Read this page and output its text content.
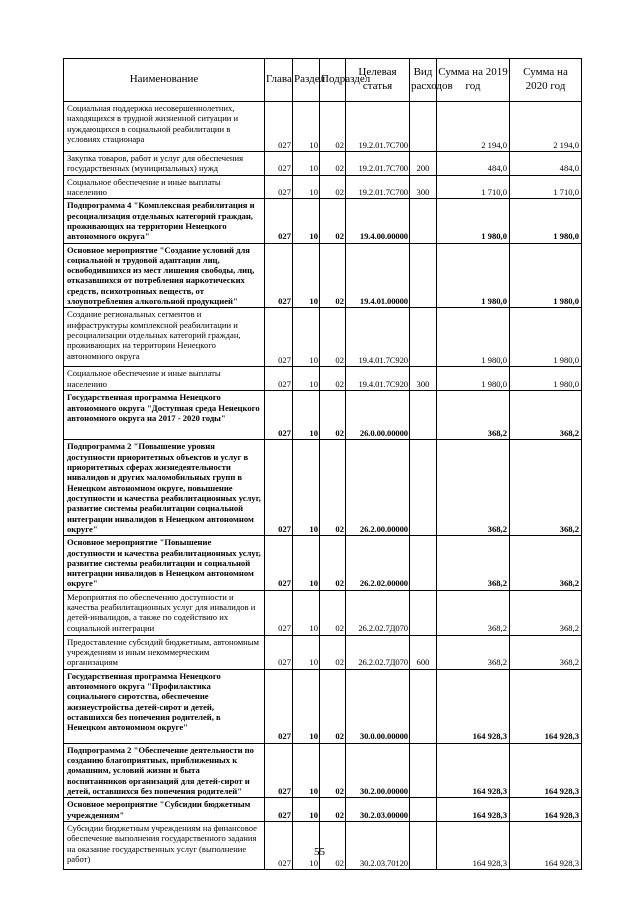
Наименование	Глава	Раздел	Подраздел	Целевая статья	Вид расходов	Сумма на 2019 год	Сумма на 2020 год
Социальная поддержка несовершеннолетних, находящихся в трудной жизненной ситуации и нуждающихся в социальной реабилитации в условиях стационара	027	10	02	19.2.01.7С700		2 194,0	2 194,0
Закупка товаров, работ и услуг для обеспечения государственных (муниципальных) нужд	027	10	02	19.2.01.7С700	200	484,0	484,0
Социальное обеспечение и иные выплаты населению	027	10	02	19.2.01.7С700	300	1 710,0	1 710,0
Подпрограмма 4 "Комплексная реабилитация и ресоциализация отдельных категорий граждан, проживающих на территории Ненецкого автономного округа"	027	10	02	19.4.00.00000		1 980,0	1 980,0
Основное мероприятие "Создание условий для социальной и трудовой адаптации лиц, освободившихся из мест лишения свободы, лиц, отказавшихся от потребления наркотических средств, психотропных веществ, от злоупотребления алкогольной продукцией"	027	10	02	19.4.01.00000		1 980,0	1 980,0
Создание региональных сегментов и инфраструктуры комплексной реабилитации и ресоциализации отдельных категорий граждан, проживающих на территории Ненецкого автономного округа	027	10	02	19.4.01.7С920		1 980,0	1 980,0
Социальное обеспечение и иные выплаты населению	027	10	02	19.4.01.7С920	300	1 980,0	1 980,0
Государственная программа Ненецкого автономного округа "Доступная среда Ненецкого автономного округа на 2017 - 2020 годы"	027	10	02	26.0.00.00000		368,2	368,2
Подпрограмма 2 "Повышение уровня доступности приоритетных объектов и услуг в приоритетных сферах жизнедеятельности инвалидов и других маломобильных групп в Ненецком автономном округе, повышение доступности и качества реабилитационных услуг, развитие системы реабилитации социальной интеграции инвалидов в Ненецком автономном округе"	027	10	02	26.2.00.00000		368,2	368,2
Основное мероприятие "Повышение доступности и качества реабилитационных услуг, развитие системы реабилитации и социальной интеграции инвалидов в Ненецком автономном округе"	027	10	02	26.2.02.00000		368,2	368,2
Мероприятия по обеспечению доступности и качества реабилитационных услуг для инвалидов и детей-инвалидов, а также по содействию их социальной интеграции	027	10	02	26.2.02.7Д070		368,2	368,2
Предоставление субсидий бюджетным, автономным учреждениям и иным некоммерческим организациям	027	10	02	26.2.02.7Д070	600	368,2	368,2
Государственная программа Ненецкого автономного округа "Профилактика социального сиротства, обеспечение жизнеустройства детей-сирот и детей, оставшихся без попечения родителей, в Ненецком автономном округе"	027	10	02	30.0.00.00000		164 928,3	164 928,3
Подпрограмма 2 "Обеспечение деятельности по созданию благоприятных, приближенных к домашним, условий жизни и быта воспитанников организаций для детей-сирот и детей, оставшихся без попечения родителей"	027	10	02	30.2.00.00000		164 928,3	164 928,3
Основное мероприятие "Субсидии бюджетным учреждениям"	027	10	02	30.2.03.00000		164 928,3	164 928,3
Субсидии бюджетным учреждениям на финансовое обеспечение выполнения государственного задания на оказание государственных услуг (выполнение работ)	027	10	02	30.2.03.70120		164 928,3	164 928,3
55
